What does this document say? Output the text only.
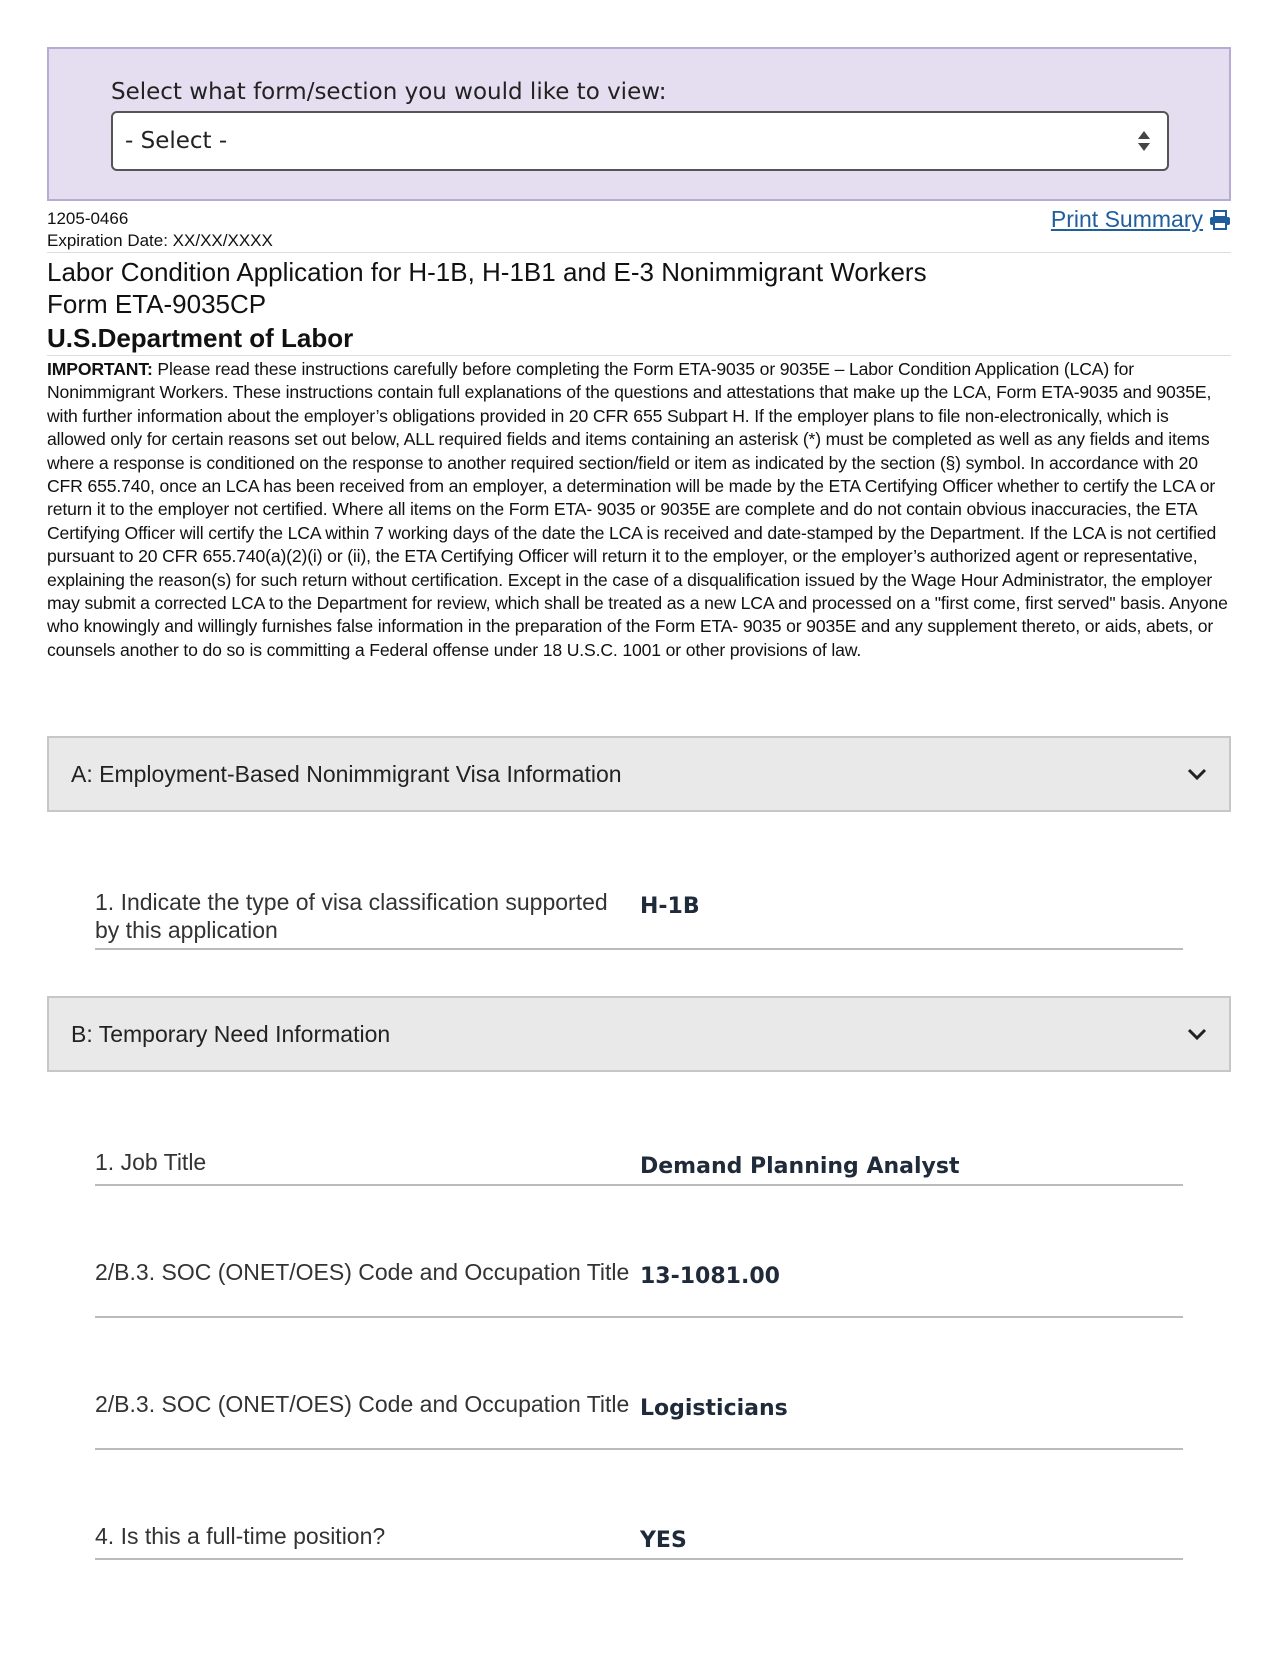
Select what form/section you would like to view:
- Select -
1205-0466
Expiration Date: XX/XX/XXXX
Print Summary
Labor Condition Application for H-1B, H-1B1 and E-3 Nonimmigrant Workers
Form ETA-9035CP
U.S.Department of Labor
IMPORTANT: Please read these instructions carefully before completing the Form ETA-9035 or 9035E – Labor Condition Application (LCA) for Nonimmigrant Workers. These instructions contain full explanations of the questions and attestations that make up the LCA, Form ETA-9035 and 9035E, with further information about the employer’s obligations provided in 20 CFR 655 Subpart H. If the employer plans to file non-electronically, which is allowed only for certain reasons set out below, ALL required fields and items containing an asterisk (*) must be completed as well as any fields and items where a response is conditioned on the response to another required section/field or item as indicated by the section (§) symbol. In accordance with 20 CFR 655.740, once an LCA has been received from an employer, a determination will be made by the ETA Certifying Officer whether to certify the LCA or return it to the employer not certified. Where all items on the Form ETA- 9035 or 9035E are complete and do not contain obvious inaccuracies, the ETA Certifying Officer will certify the LCA within 7 working days of the date the LCA is received and date-stamped by the Department. If the LCA is not certified pursuant to 20 CFR 655.740(a)(2)(i) or (ii), the ETA Certifying Officer will return it to the employer, or the employer’s authorized agent or representative, explaining the reason(s) for such return without certification. Except in the case of a disqualification issued by the Wage Hour Administrator, the employer may submit a corrected LCA to the Department for review, which shall be treated as a new LCA and processed on a "first come, first served" basis. Anyone who knowingly and willingly furnishes false information in the preparation of the Form ETA- 9035 or 9035E and any supplement thereto, or aids, abets, or counsels another to do so is committing a Federal offense under 18 U.S.C. 1001 or other provisions of law.
A: Employment-Based Nonimmigrant Visa Information
1. Indicate the type of visa classification supported by this application
H-1B
B: Temporary Need Information
1. Job Title	Demand Planning Analyst
2/B.3. SOC (ONET/OES) Code and Occupation Title 13-1081.00
2/B.3. SOC (ONET/OES) Code and Occupation Title Logisticians
4. Is this a full-time position?	YES
